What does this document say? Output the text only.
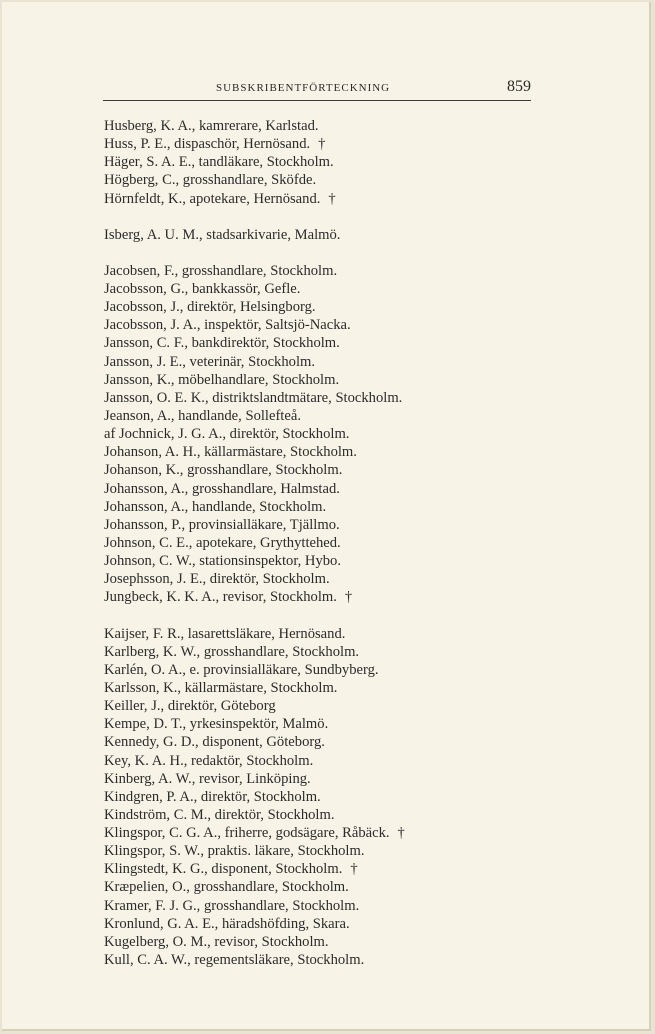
SUBSKRIBENTFÖRTECKNING	859
Husberg, K. A., kamrerare, Karlstad.
Huss, P. E., dispaschör, Hernösand. †
Häger, S. A. E., tandläkare, Stockholm.
Högberg, C., grosshandlare, Sköfde.
Hörnfeldt, K., apotekare, Hernösand. †
Isberg, A. U. M., stadsarkivarie, Malmö.
Jacobsen, F., grosshandlare, Stockholm.
Jacobsson, G., bankkassör, Gefle.
Jacobsson, J., direktör, Helsingborg.
Jacobsson, J. A., inspektör, Saltsjö-Nacka.
Jansson, C. F., bankdirektör, Stockholm.
Jansson, J. E., veterinär, Stockholm.
Jansson, K., möbelhandlare, Stockholm.
Jansson, O. E. K., distriktslandtmätare, Stockholm.
Jeanson, A., handlande, Sollefteå.
af Jochnick, J. G. A., direktör, Stockholm.
Johanson, A. H., källarmästare, Stockholm.
Johanson, K., grosshandlare, Stockholm.
Johansson, A., grosshandlare, Halmstad.
Johansson, A., handlande, Stockholm.
Johansson, P., provinsialläkare, Tjällmo.
Johnson, C. E., apotekare, Grythyttehed.
Johnson, C. W., stationsinspektor, Hybo.
Josephsson, J. E., direktör, Stockholm.
Jungbeck, K. K. A., revisor, Stockholm. †
Kaijser, F. R., lasarettsläkare, Hernösand.
Karlberg, K. W., grosshandlare, Stockholm.
Karlén, O. A., e. provinsialläkare, Sundbyberg.
Karlsson, K., källarmästare, Stockholm.
Keiller, J., direktör, Göteborg
Kempe, D. T., yrkesinspektör, Malmö.
Kennedy, G. D., disponent, Göteborg.
Key, K. A. H., redaktör, Stockholm.
Kinberg, A. W., revisor, Linköping.
Kindgren, P. A., direktör, Stockholm.
Kindström, C. M., direktör, Stockholm.
Klingspor, C. G. A., friherre, godsägare, Råbäck. †
Klingspor, S. W., praktis. läkare, Stockholm.
Klingstedt, K. G., disponent, Stockholm. †
Kræpelien, O., grosshandlare, Stockholm.
Kramer, F. J. G., grosshandlare, Stockholm.
Kronlund, G. A. E., häradshöfding, Skara.
Kugelberg, O. M., revisor, Stockholm.
Kull, C. A. W., regementsläkare, Stockholm.
